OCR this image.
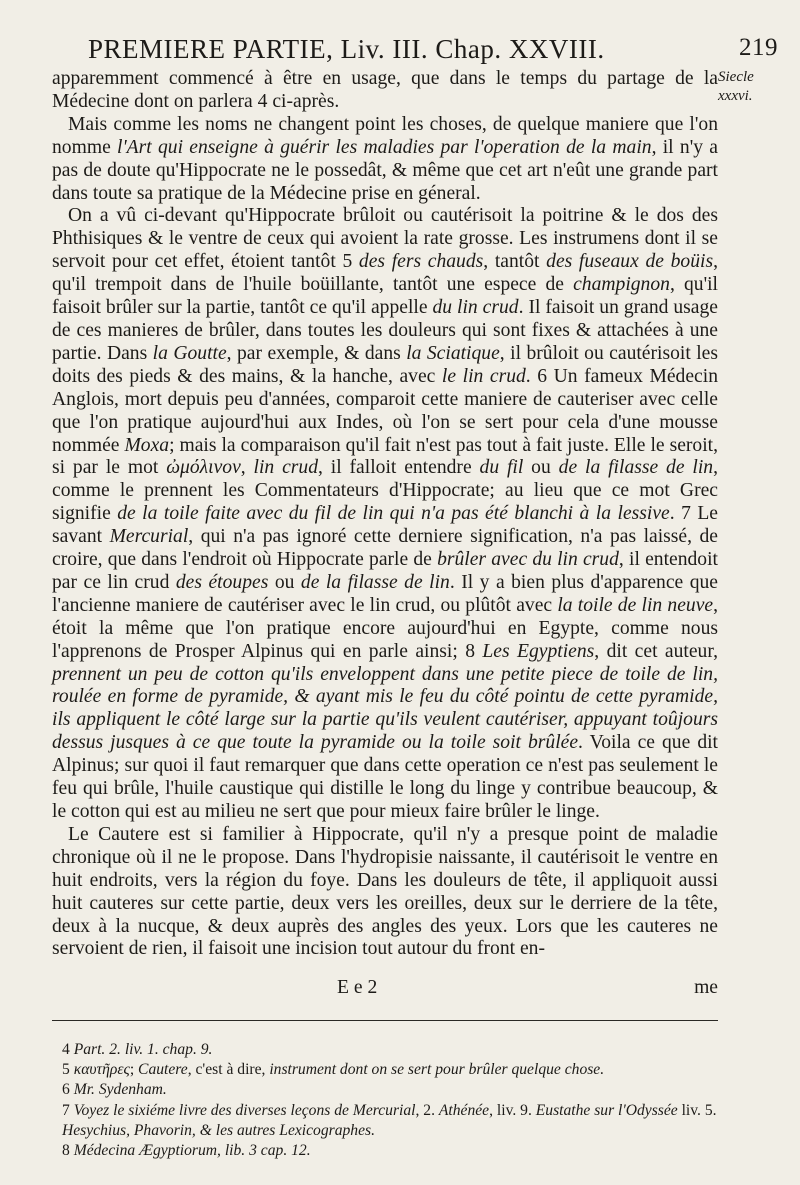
PREMIERE PARTIE, Liv. III. Chap. XXVIII.	219
Siecle
xxxvi.

apparemment commencé à être en usage, que dans le temps du partage de la Médecine dont on parlera 4 ci-après.

Mais comme les noms ne changent point les choses, de quelque maniere que l'on nomme l'Art qui enseigne à guérir les maladies par l'operation de la main, il n'y a pas de doute qu'Hippocrate ne le possedât, & même que cet art n'eût une grande part dans toute sa pratique de la Médecine prise en géneral.

On a vû ci-devant qu'Hippocrate brûloit ou cautérisoit la poitrine & le dos des Phthisiques & le ventre de ceux qui avoient la rate grosse. Les instrumens dont il se servoit pour cet effet, étoient tantôt 5 des fers chauds, tantôt des fuseaux de boüis, qu'il trempoit dans de l'huile boüillante, tantôt une espece de champignon, qu'il faisoit brûler sur la partie, tantôt ce qu'il appelle du lin crud. Il faisoit un grand usage de ces manieres de brûler, dans toutes les douleurs qui sont fixes & attachées à une partie. Dans la Goutte, par exemple, & dans la Sciatique, il brûloit ou cautérisoit les doits des pieds & des mains, & la hanche, avec le lin crud. 6 Un fameux Médecin Anglois, mort depuis peu d'années, comparoit cette maniere de cauteriser avec celle que l'on pratique aujourd'hui aux Indes, où l'on se sert pour cela d'une mousse nommée Moxa; mais la comparaison qu'il fait n'est pas tout à fait juste. Elle le seroit, si par le mot ὠμόλινον, lin crud, il falloit entendre du fil ou de la filasse de lin, comme le prennent les Commentateurs d'Hippocrate; au lieu que ce mot Grec signifie de la toile faite avec du fil de lin qui n'a pas été blanchi à la lessive. 7 Le savant Mercurial, qui n'a pas ignoré cette derniere signification, n'a pas laissé, de croire, que dans l'endroit où Hippocrate parle de brûler avec du lin crud, il entendoit par ce lin crud des étoupes ou de la filasse de lin. Il y a bien plus d'apparence que l'ancienne maniere de cautériser avec le lin crud, ou plûtôt avec la toile de lin neuve, étoit la même que l'on pratique encore aujourd'hui en Egypte, comme nous l'apprenons de Prosper Alpinus qui en parle ainsi; 8 Les Egyptiens, dit cet auteur, prennent un peu de cotton qu'ils enveloppent dans une petite piece de toile de lin, roulée en forme de pyramide, & ayant mis le feu du côté pointu de cette pyramide, ils appliquent le côté large sur la partie qu'ils veulent cautériser, appuyant toûjours dessus jusques à ce que toute la pyramide ou la toile soit brûlée. Voila ce que dit Alpinus; sur quoi il faut remarquer que dans cette operation ce n'est pas seulement le feu qui brûle, l'huile caustique qui distille le long du linge y contribue beaucoup, & le cotton qui est au milieu ne sert que pour mieux faire brûler le linge.

Le Cautere est si familier à Hippocrate, qu'il n'y a presque point de maladie chronique où il ne le propose. Dans l'hydropisie naissante, il cautérisoit le ventre en huit endroits, vers la région du foye. Dans les douleurs de tête, il appliquoit aussi huit cauteres sur cette partie, deux vers les oreilles, deux sur le derriere de la tête, deux à la nucque, & deux auprès des angles des yeux. Lors que les cauteres ne servoient de rien, il faisoit une incision tout autour du front en-

E e 2	me
4 Part. 2. liv. 1. chap. 9.
5 καυτῆρες; Cautere, c'est à dire, instrument dont on se sert pour brûler quelque chose.
6 Mr. Sydenham.
7 Voyez le sixiéme livre des diverses leçons de Mercurial, 2. Athénée, liv. 9. Eustathe sur l'Odyssée liv. 5. Hesychius, Phavorin, & les autres Lexicographes.
8 Médecina Ægyptiorum, lib. 3 cap. 12.
